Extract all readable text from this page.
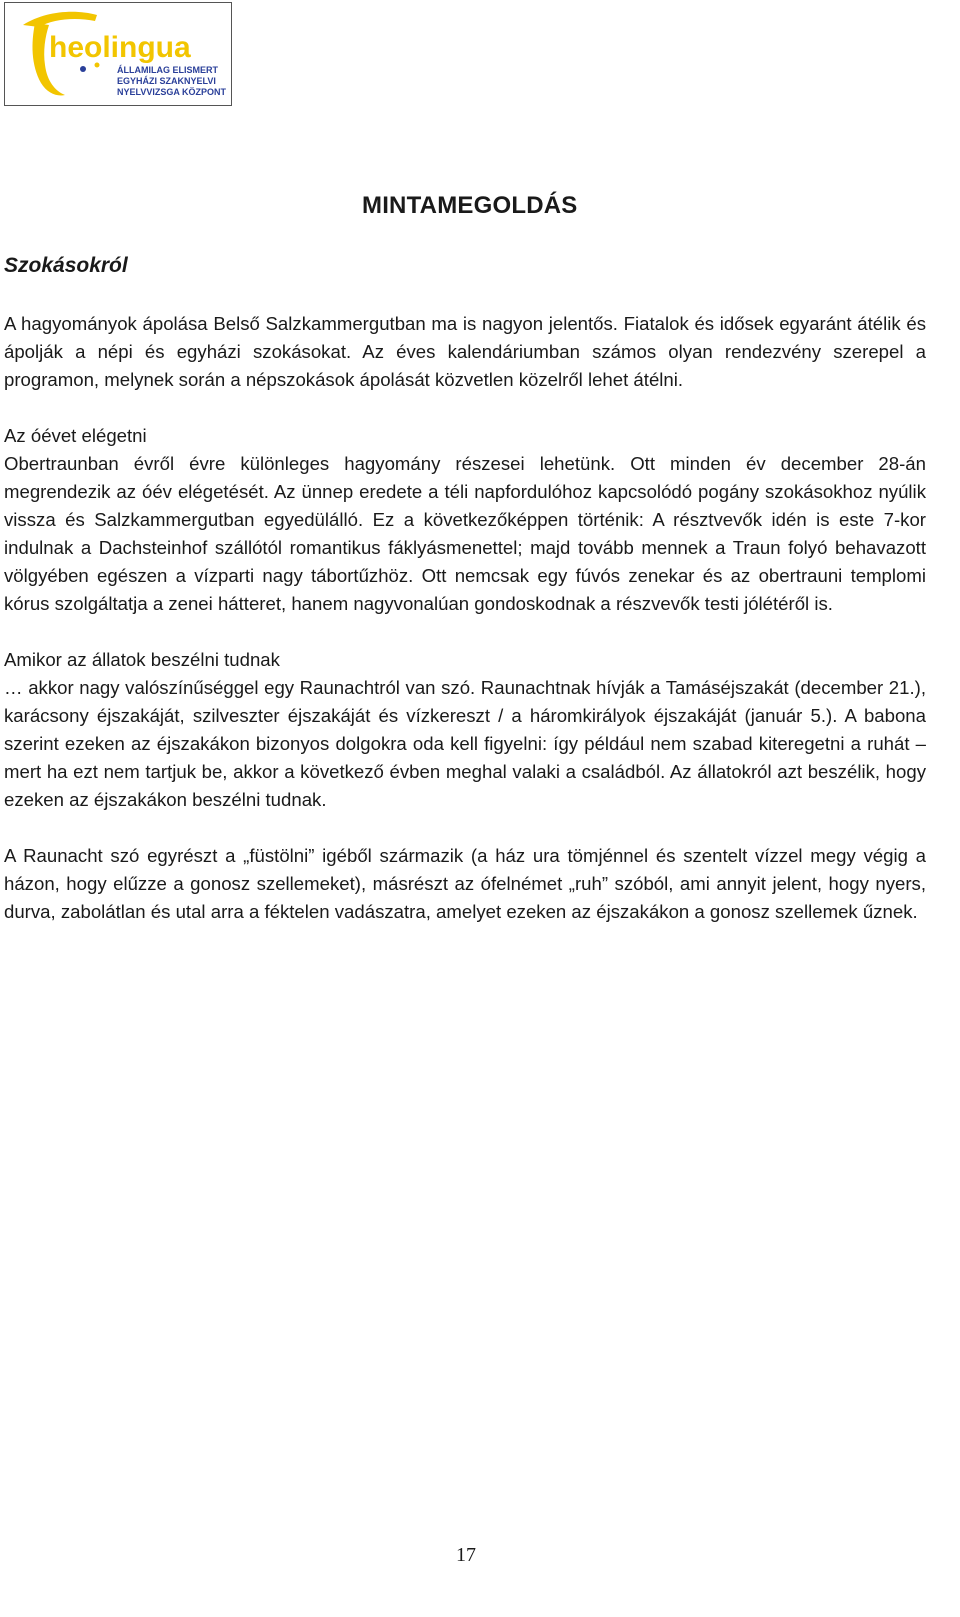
heolingua
ÁLLAMILAG ELISMERT
EGYHÁZI SZAKNYELVI
NYELVVIZSGA KÖZPONT
MINTAMEGOLDÁS
Szokásokról

A hagyományok ápolása Belső Salzkammergutban ma is nagyon jelentős. Fiatalok és idősek egyaránt átélik és ápolják a népi és egyházi szokásokat. Az éves kalendáriumban számos olyan rendezvény szerepel a programon, melynek során a népszokások ápolását közvetlen közelről lehet átélni.

Az óévet elégetni

Obertraunban évről évre különleges hagyomány részesei lehetünk. Ott minden év december 28-án megrendezik az óév elégetését. Az ünnep eredete a téli napfordulóhoz kapcsolódó pogány szokásokhoz nyúlik vissza és Salzkammergutban egyedülálló. Ez a következőképpen történik: A résztvevők idén is este 7-kor indulnak a Dachsteinhof szállótól romantikus fáklyásmenettel; majd tovább mennek a Traun folyó behavazott völgyében egészen a vízparti nagy tábortűzhöz. Ott nemcsak egy fúvós zenekar és az obertrauni templomi kórus szolgáltatja a zenei hátteret, hanem nagyvonalúan gondoskodnak a részvevők testi jólétéről is.

Amikor az állatok beszélni tudnak

… akkor nagy valószínűséggel egy Raunachtról van szó. Raunachtnak hívják a Tamáséjszakát (december 21.), karácsony éjszakáját, szilveszter éjszakáját és vízkereszt / a háromkirályok éjszakáját (január 5.). A babona szerint ezeken az éjszakákon bizonyos dolgokra oda kell figyelni: így például nem szabad kiteregetni a ruhát – mert ha ezt nem tartjuk be, akkor a következő évben meghal valaki a családból. Az állatokról azt beszélik, hogy ezeken az éjszakákon beszélni tudnak.

A Raunacht szó egyrészt a „füstölni” igéből származik (a ház ura tömjénnel és szentelt vízzel megy végig a házon, hogy elűzze a gonosz szellemeket), másrészt az ófelnémet „ruh” szóból, ami annyit jelent, hogy nyers, durva, zabolátlan és utal arra a féktelen vadászatra, amelyet ezeken az éjszakákon a gonosz szellemek űznek.

17
